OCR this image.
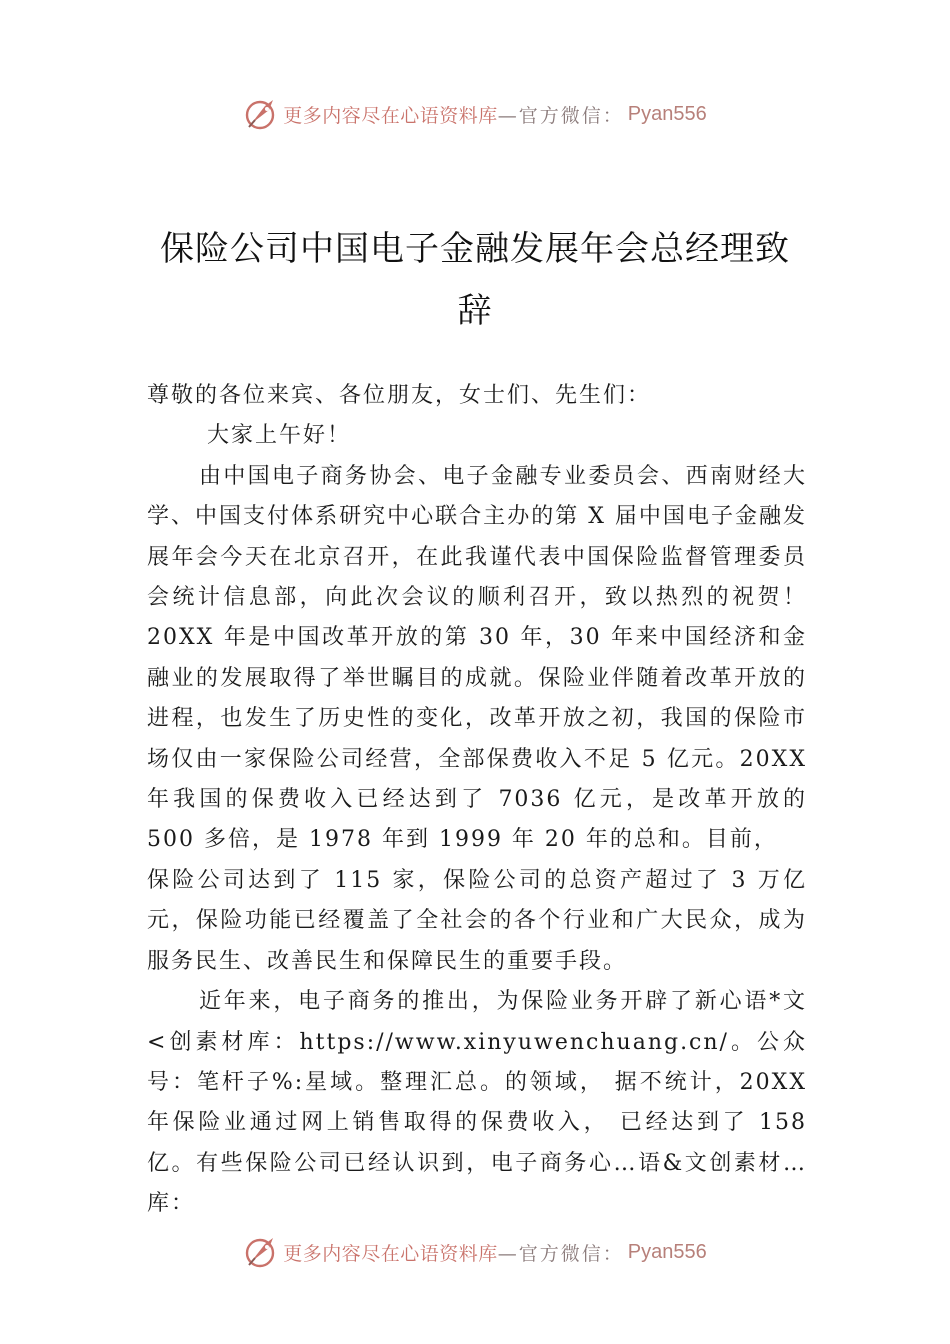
更多内容尽在心语资料库 —官方微信： Pyan556
保险公司中国电子金融发展年会总经理致辞

尊敬的各位来宾、各位朋友，女士们、先生们：

大家上午好！

由中国电子商务协会、电子金融专业委员会、西南财经大学、中国支付体系研究中心联合主办的第 X 届中国电子金融发展年会今天在北京召开，在此我谨代表中国保险监督管理委员会统计信息部，向此次会议的顺利召开，致以热烈的祝贺！20XX 年是中国改革开放的第 30 年，30 年来中国经济和金融业的发展取得了举世瞩目的成就。保险业伴随着改革开放的进程，也发生了历史性的变化，改革开放之初，我国的保险市场仅由一家保险公司经营，全部保费收入不足 5 亿元。20XX 年我国的保费收入已经达到了 7036 亿元，是改革开放的 500 多倍，是 1978 年到 1999 年 20 年的总和。目前，

保险公司达到了 115 家，保险公司的总资产超过了 3 万亿元，保险功能已经覆盖了全社会的各个行业和广大民众，成为服务民生、改善民生和保障民生的重要手段。

近年来，电子商务的推出，为保险业务开辟了新心语*文<创素材库：https://www.xinyuwenchuang.cn/。公众号：笔杆子%:星域。整理汇总。的领域， 据不统计，20XX 年保险业通过网上销售取得的保费收入， 已经达到了 158 亿。有些保险公司已经认识到，电子商务心…语&文创素材…库：

更多内容尽在心语资料库 —官方微信： Pyan556
